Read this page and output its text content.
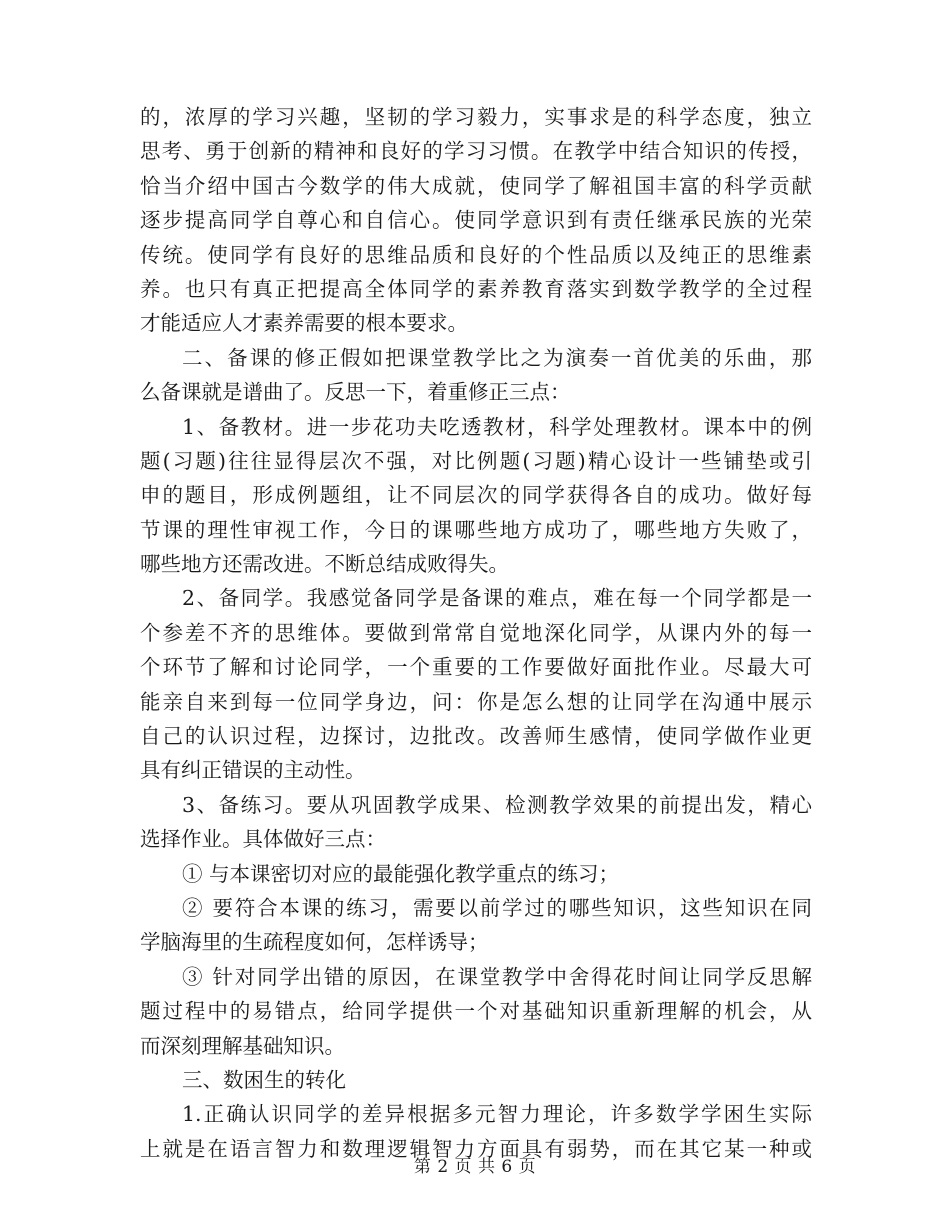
的，浓厚的学习兴趣，坚韧的学习毅力，实事求是的科学态度，独立
思考、勇于创新的精神和良好的学习习惯。在教学中结合知识的传授，
恰当介绍中国古今数学的伟大成就，使同学了解祖国丰富的科学贡献
逐步提高同学自尊心和自信心。使同学意识到有责任继承民族的光荣
传统。使同学有良好的思维品质和良好的个性品质以及纯正的思维素
养。也只有真正把提高全体同学的素养教育落实到数学教学的全过程
才能适应人才素养需要的根本要求。
二、备课的修正假如把课堂教学比之为演奏一首优美的乐曲，那
么备课就是谱曲了。反思一下，着重修正三点：
1、备教材。进一步花功夫吃透教材，科学处理教材。课本中的例
题(习题)往往显得层次不强，对比例题(习题)精心设计一些铺垫或引
申的题目，形成例题组，让不同层次的同学获得各自的成功。做好每
节课的理性审视工作，今日的课哪些地方成功了，哪些地方失败了，
哪些地方还需改进。不断总结成败得失。
2、备同学。我感觉备同学是备课的难点，难在每一个同学都是一
个参差不齐的思维体。要做到常常自觉地深化同学，从课内外的每一
个环节了解和讨论同学，一个重要的工作要做好面批作业。尽最大可
能亲自来到每一位同学身边，问：你是怎么想的让同学在沟通中展示
自己的认识过程，边探讨，边批改。改善师生感情，使同学做作业更
具有纠正错误的主动性。
3、备练习。要从巩固教学成果、检测教学效果的前提出发，精心
选择作业。具体做好三点：
① 与本课密切对应的最能强化教学重点的练习；
② 要符合本课的练习，需要以前学过的哪些知识，这些知识在同
学脑海里的生疏程度如何，怎样诱导；
③ 针对同学出错的原因，在课堂教学中舍得花时间让同学反思解
题过程中的易错点，给同学提供一个对基础知识重新理解的机会，从
而深刻理解基础知识。
三、数困生的转化
1.正确认识同学的差异根据多元智力理论，许多数学学困生实际
上就是在语言智力和数理逻辑智力方面具有弱势，而在其它某一种或
第 2 页 共 6 页
